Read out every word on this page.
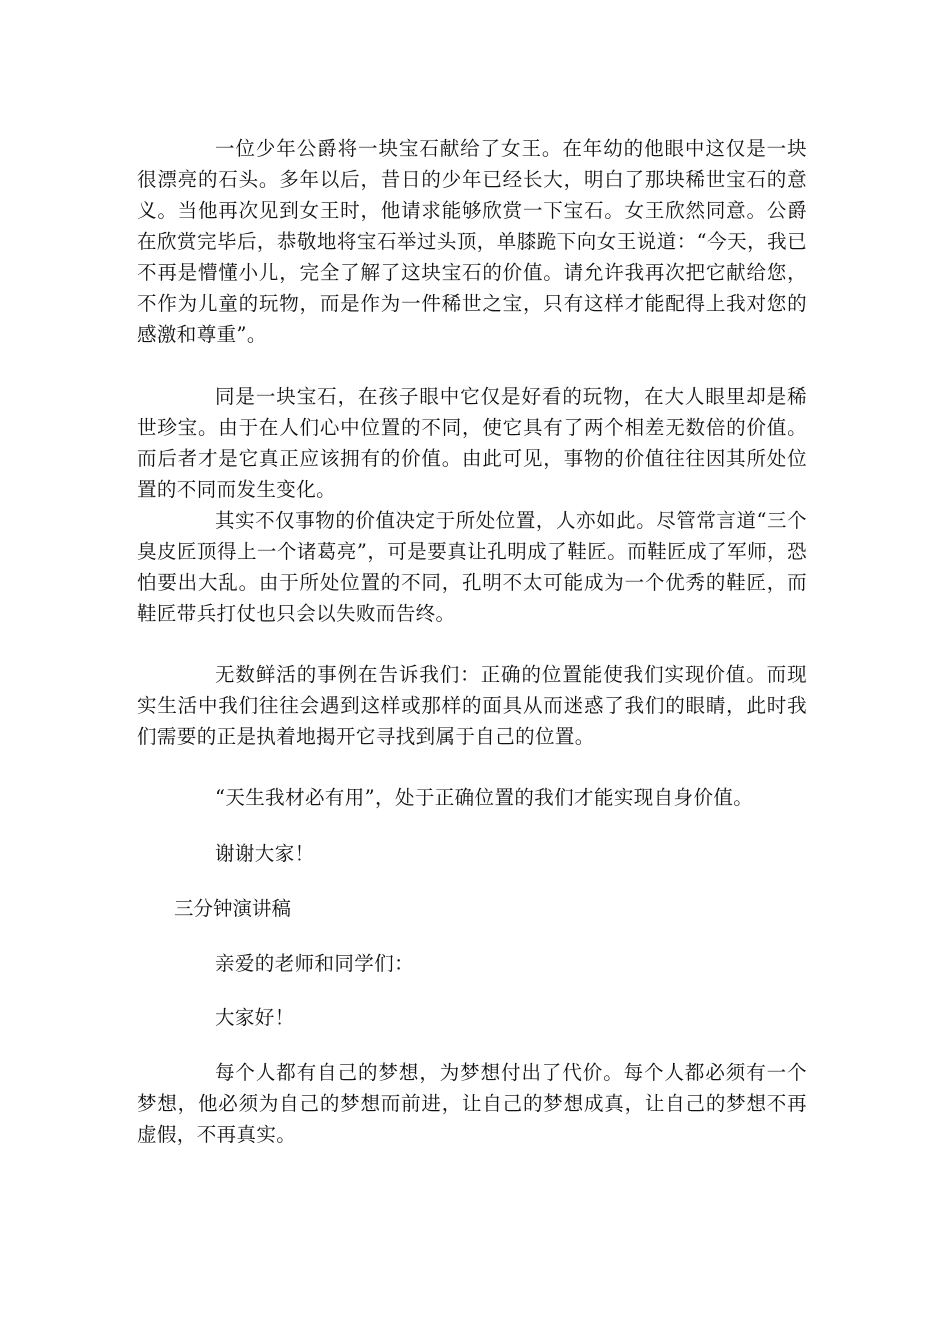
一位少年公爵将一块宝石献给了女王。在年幼的他眼中这仅是一块很漂亮的石头。多年以后，昔日的少年已经长大，明白了那块稀世宝石的意义。当他再次见到女王时，他请求能够欣赏一下宝石。女王欣然同意。公爵在欣赏完毕后，恭敬地将宝石举过头顶，单膝跪下向女王说道：“今天，我已不再是懵懂小儿，完全了解了这块宝石的价值。请允许我再次把它献给您，不作为儿童的玩物，而是作为一件稀世之宝，只有这样才能配得上我对您的感激和尊重”。

同是一块宝石，在孩子眼中它仅是好看的玩物，在大人眼里却是稀世珍宝。由于在人们心中位置的不同，使它具有了两个相差无数倍的价值。而后者才是它真正应该拥有的价值。由此可见，事物的价值往往因其所处位置的不同而发生变化。

其实不仅事物的价值决定于所处位置，人亦如此。尽管常言道“三个臭皮匠顶得上一个诸葛亮”，可是要真让孔明成了鞋匠。而鞋匠成了军师，恐怕要出大乱。由于所处位置的不同，孔明不太可能成为一个优秀的鞋匠，而鞋匠带兵打仗也只会以失败而告终。

无数鲜活的事例在告诉我们：正确的位置能使我们实现价值。而现实生活中我们往往会遇到这样或那样的面具从而迷惑了我们的眼睛，此时我们需要的正是执着地揭开它寻找到属于自己的位置。

“天生我材必有用”，处于正确位置的我们才能实现自身价值。

谢谢大家！

三分钟演讲稿

亲爱的老师和同学们：

大家好！

每个人都有自己的梦想，为梦想付出了代价。每个人都必须有一个梦想，他必须为自己的梦想而前进，让自己的梦想成真，让自己的梦想不再虚假，不再真实。
